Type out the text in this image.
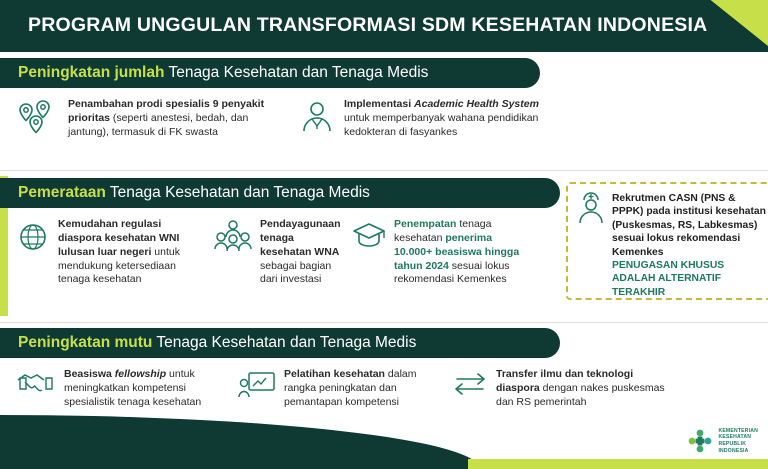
PROGRAM UNGGULAN TRANSFORMASI SDM KESEHATAN INDONESIA
Peningkatan jumlah Tenaga Kesehatan dan Tenaga Medis
Penambahan prodi spesialis 9 penyakit prioritas (seperti anestesi, bedah, dan jantung), termasuk di FK swasta
Implementasi Academic Health System untuk memperbanyak wahana pendidikan kedokteran di fasyankes
Pemerataan Tenaga Kesehatan dan Tenaga Medis
Kemudahan regulasi diaspora kesehatan WNI lulusan luar negeri untuk mendukung ketersediaan tenaga kesehatan
Pendayagunaan tenaga kesehatan WNA sebagai bagian dari investasi
Penempatan tenaga kesehatan penerima 10.000+ beasiswa hingga tahun 2024 sesuai lokus rekomendasi Kemenkes
Rekrutmen CASN (PNS & PPPK) pada institusi kesehatan (Puskesmas, RS, Labkesmas) sesuai lokus rekomendasi Kemenkes
PENUGASAN KHUSUS ADALAH ALTERNATIF TERAKHIR
Peningkatan mutu Tenaga Kesehatan dan Tenaga Medis
Beasiswa fellowship untuk meningkatkan kompetensi spesialistik tenaga kesehatan
Pelatihan kesehatan dalam rangka peningkatan dan pemantapan kompetensi
Transfer ilmu dan teknologi diaspora dengan nakes puskesmas dan RS pemerintah
KEMENTERIAN
KESEHATAN
REPUBLIK
INDONESIA
